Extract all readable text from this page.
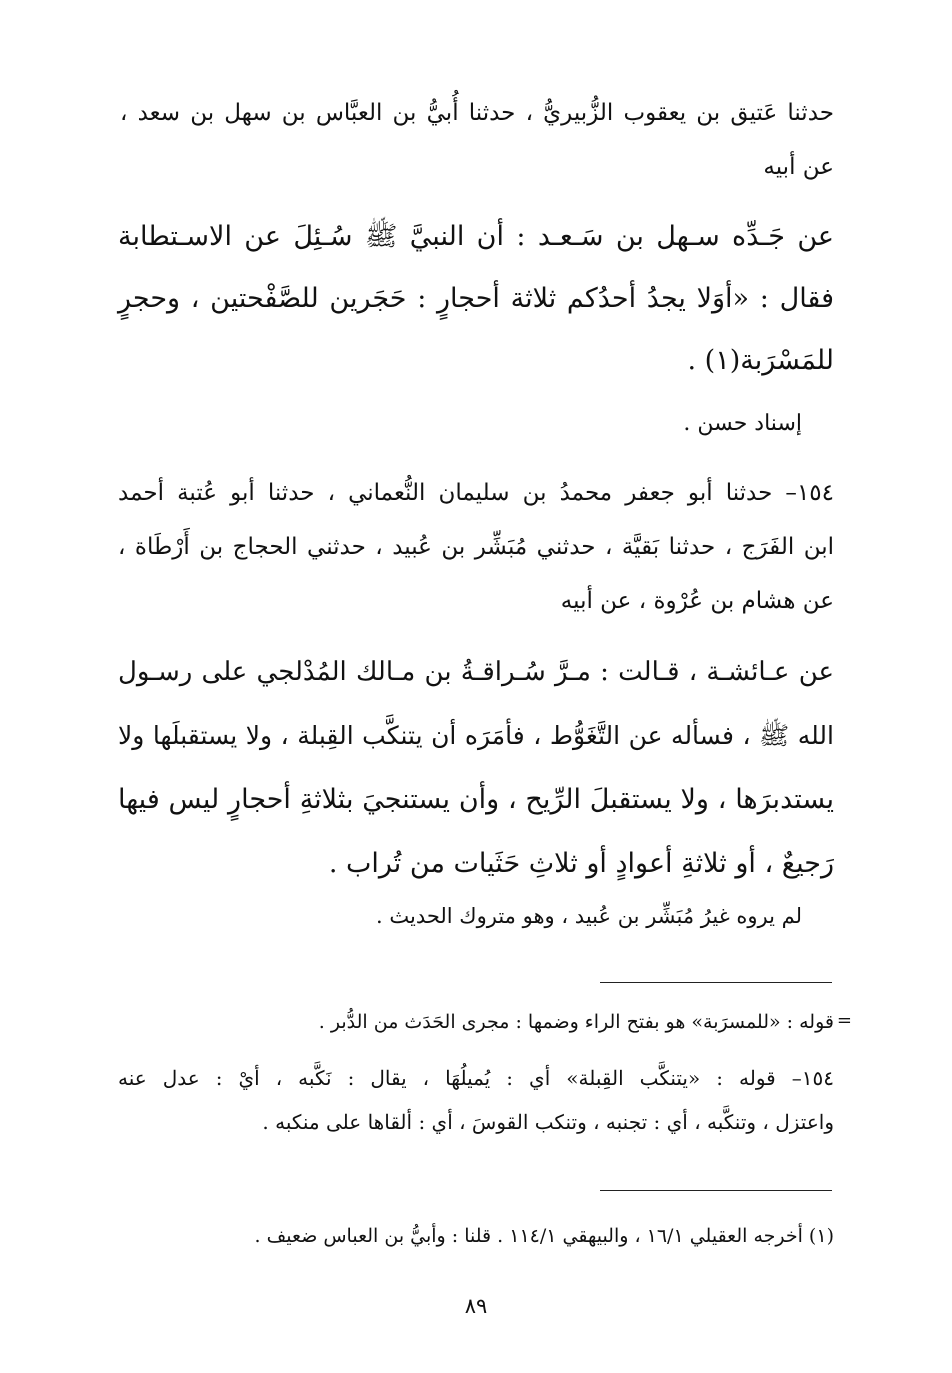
حدثنا عَتيق بن يعقوب الزُّبيريُّ ، حدثنا أُبيُّ بن العبَّاس بن سهل بن سعد ،
عن أبيه
عن جَـدِّه سـهل بن سَـعـد : أن النبيَّ ﷺ سُـئِلَ عن الاسـتطابة
فقال : «أوَلا يجدُ أحدُكم ثلاثة أحجارٍ : حَجَرين للصَّفْحتين ، وحجرٍ
للمَسْرَبة(١) .
إسناد حسن .
١٥٤– حدثنا أبو جعفر محمدُ بن سليمان النُّعماني ، حدثنا أبو عُتبة أحمد
ابن الفَرَج ، حدثنا بَقيَّة ، حدثني مُبَشِّر بن عُبيد ، حدثني الحجاج بن أَرْطَاة ،
عن هشام بن عُرْوة ، عن أبيه
عن عـائشـة ، قـالت : مـرَّ سُـراقـةُ بن مـالك المُدْلجي على رسـول
الله ﷺ ، فسأله عن التَّغَوُّط ، فأمَرَه أن يتنكَّب القِبلة ، ولا يستقبلَها ولا
يستدبرَها ، ولا يستقبلَ الرِّيح ، وأن يستنجيَ بثلاثةِ أحجارٍ ليس فيها
رَجيعٌ ، أو ثلاثةِ أعوادٍ أو ثلاثِ حَثَيات من تُراب .
لم يروه غيرُ مُبَشِّر بن عُبيد ، وهو متروك الحديث .
=
قوله : «للمسرَبة» هو بفتح الراء وضمها : مجرى الحَدَث من الدُّبر .
١٥٤– قوله : «يتنكَّب القِبلة» أي : يُميلُهَا ، يقال : نَكَّبه ، أيْ : عدل عنه
واعتزل ، وتنكَّبه ، أي : تجنبه ، وتنكب القوسَ ، أي : ألقاها على منكبه .
(١) أخرجه العقيلي ١٦/١ ، والبيهقي ١١٤/١ . قلنا : وأبيُّ بن العباس ضعيف .
٨٩
